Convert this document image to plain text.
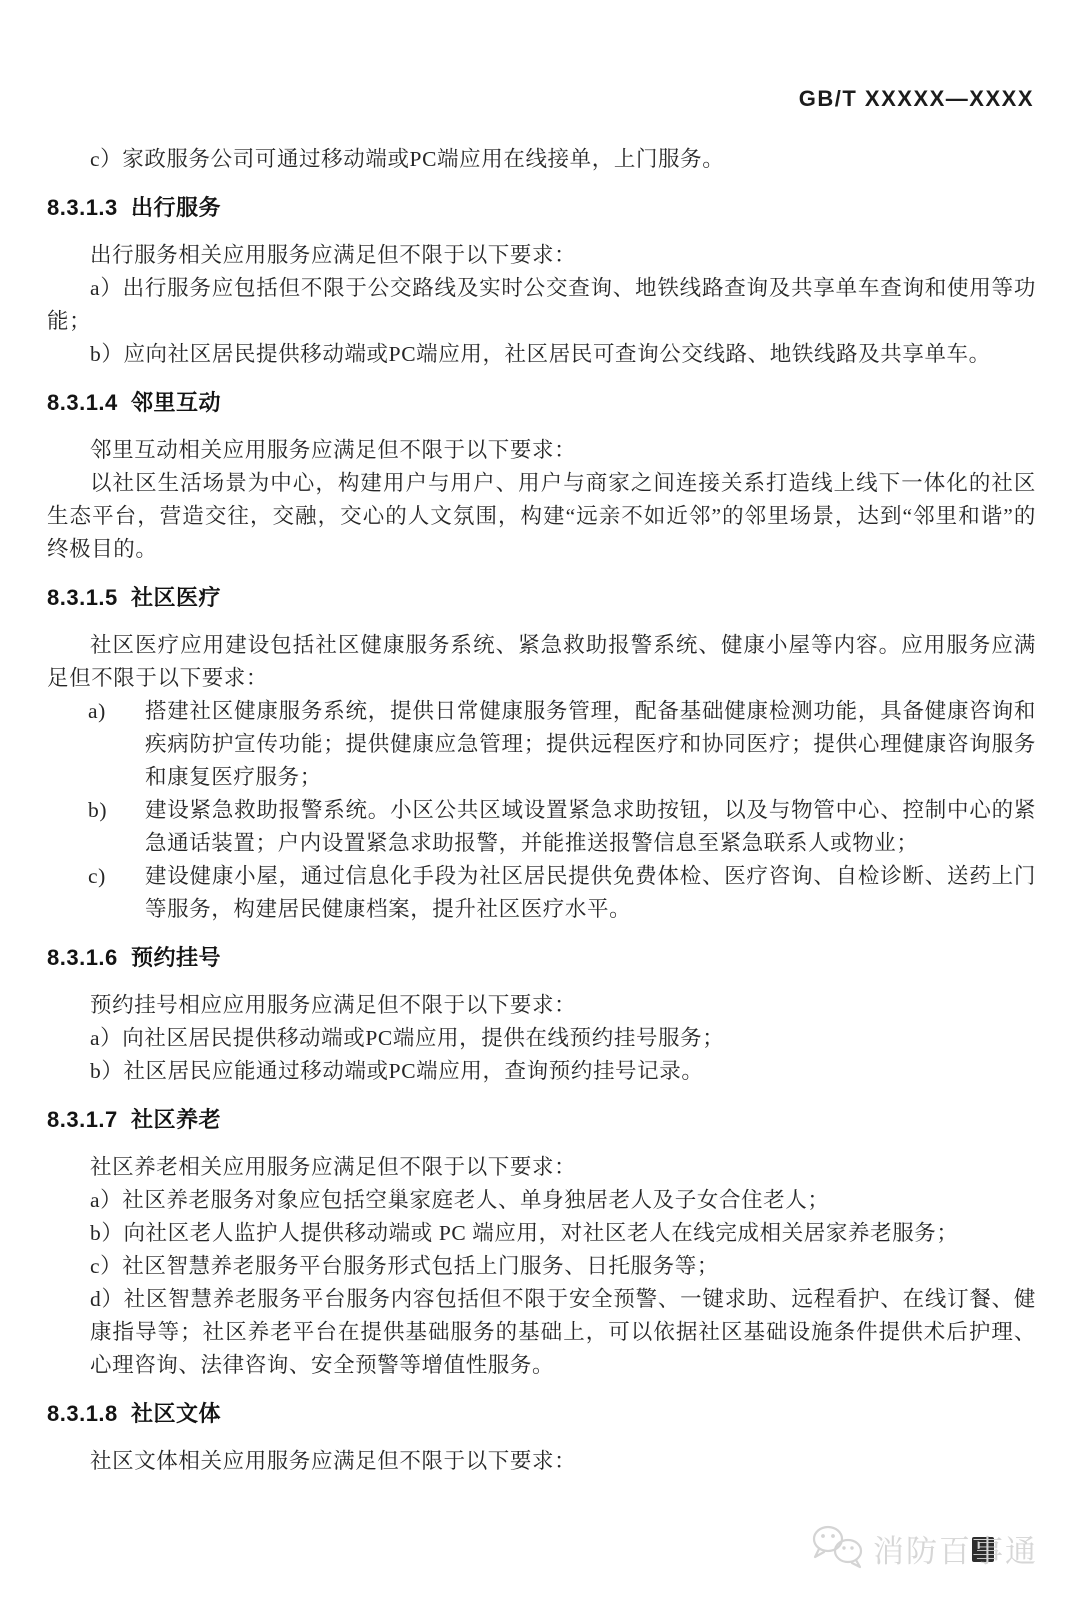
GB/T XXXXX—XXXX

c）家政服务公司可通过移动端或PC端应用在线接单，上门服务。

8.3.1.3  出行服务

出行服务相关应用服务应满足但不限于以下要求：

a）出行服务应包括但不限于公交路线及实时公交查询、地铁线路查询及共享单车查询和使用等功能；

b）应向社区居民提供移动端或PC端应用，社区居民可查询公交线路、地铁线路及共享单车。

8.3.1.4  邻里互动

邻里互动相关应用服务应满足但不限于以下要求：

以社区生活场景为中心，构建用户与用户、用户与商家之间连接关系打造线上线下一体化的社区生态平台，营造交往，交融，交心的人文氛围，构建“远亲不如近邻”的邻里场景，达到“邻里和谐”的终极目的。

8.3.1.5  社区医疗

社区医疗应用建设包括社区健康服务系统、紧急救助报警系统、健康小屋等内容。应用服务应满足但不限于以下要求：

a)	搭建社区健康服务系统，提供日常健康服务管理，配备基础健康检测功能，具备健康咨询和疾病防护宣传功能；提供健康应急管理；提供远程医疗和协同医疗；提供心理健康咨询服务和康复医疗服务；
b)	建设紧急救助报警系统。小区公共区域设置紧急求助按钮，以及与物管中心、控制中心的紧急通话装置；户内设置紧急求助报警，并能推送报警信息至紧急联系人或物业；
c)	建设健康小屋，通过信息化手段为社区居民提供免费体检、医疗咨询、自检诊断、送药上门等服务，构建居民健康档案，提升社区医疗水平。
8.3.1.6  预约挂号

预约挂号相应应用服务应满足但不限于以下要求：

a）向社区居民提供移动端或PC端应用，提供在线预约挂号服务；

b）社区居民应能通过移动端或PC端应用，查询预约挂号记录。

8.3.1.7  社区养老

社区养老相关应用服务应满足但不限于以下要求：

a）社区养老服务对象应包括空巢家庭老人、单身独居老人及子女合住老人；

b）向社区老人监护人提供移动端或 PC 端应用，对社区老人在线完成相关居家养老服务；

c）社区智慧养老服务平台服务形式包括上门服务、日托服务等；

d）社区智慧养老服务平台服务内容包括但不限于安全预警、一键求助、远程看护、在线订餐、健康指导等；社区养老平台在提供基础服务的基础上，可以依据社区基础设施条件提供术后护理、心理咨询、法律咨询、安全预警等增值性服务。

8.3.1.8  社区文体

社区文体相关应用服务应满足但不限于以下要求：

消防百事通
